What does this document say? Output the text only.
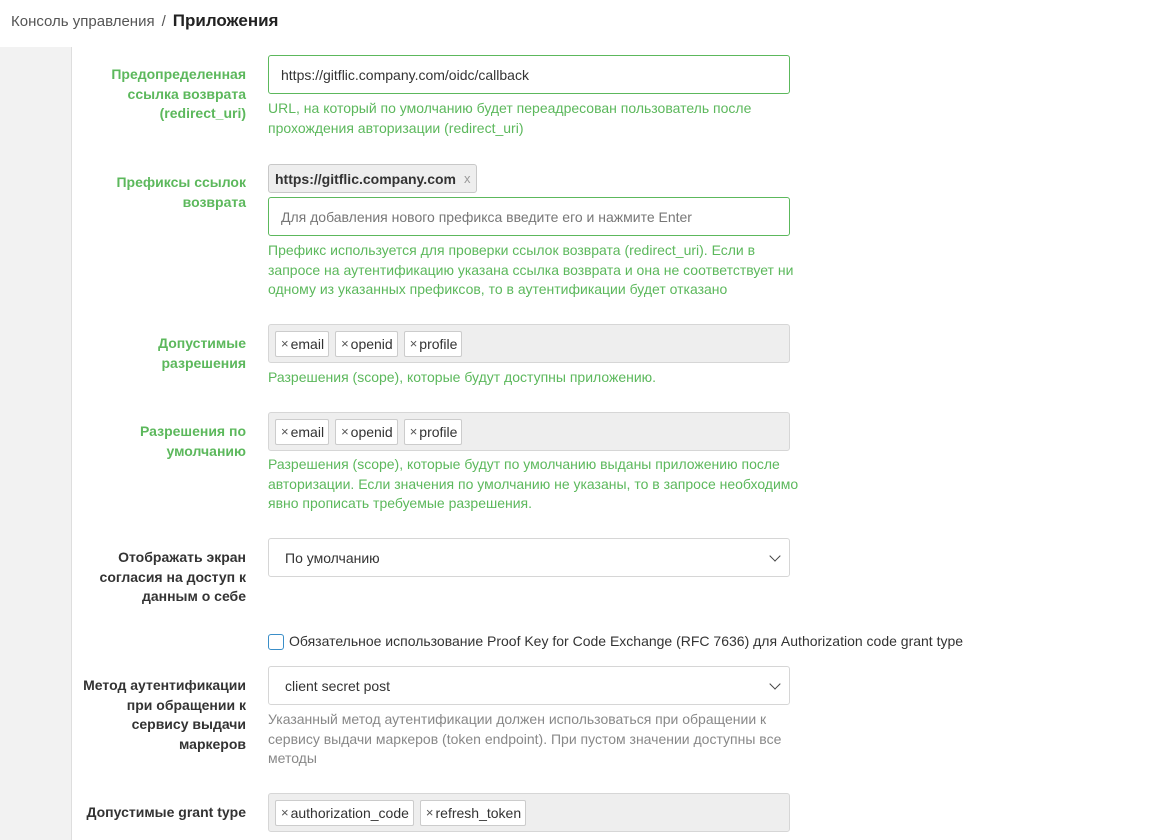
Консоль управления / Приложения
Предопределенная
ссылка возврата
(redirect_uri)
https://gitflic.company.com/oidc/callback
URL, на который по умолчанию будет переадресован пользователь после прохождения авторизации (redirect_uri)
Префиксы ссылок
возврата
https://gitflic.company.com x
Для добавления нового префикса введите его и нажмите Enter
Префикс используется для проверки ссылок возврата (redirect_uri). Если в запросе на аутентификацию указана ссылка возврата и она не соответствует ни одному из указанных префиксов, то в аутентификации будет отказано
Допустимые
разрешения
× email × openid × profile
Разрешения (scope), которые будут доступны приложению.
Разрешения по
умолчанию
× email × openid × profile
Разрешения (scope), которые будут по умолчанию выданы приложению после авторизации. Если значения по умолчанию не указаны, то в запросе необходимо явно прописать требуемые разрешения.
Отображать экран
согласия на доступ к
данным о себе
По умолчанию
Обязательное использование Proof Key for Code Exchange (RFC 7636) для Authorization code grant type
Метод аутентификации
при обращении к
сервису выдачи
маркеров
client secret post
Указанный метод аутентификации должен использоваться при обращении к сервису выдачи маркеров (token endpoint). При пустом значении доступны все методы
Допустимые grant type	× authorization_code × refresh_token
